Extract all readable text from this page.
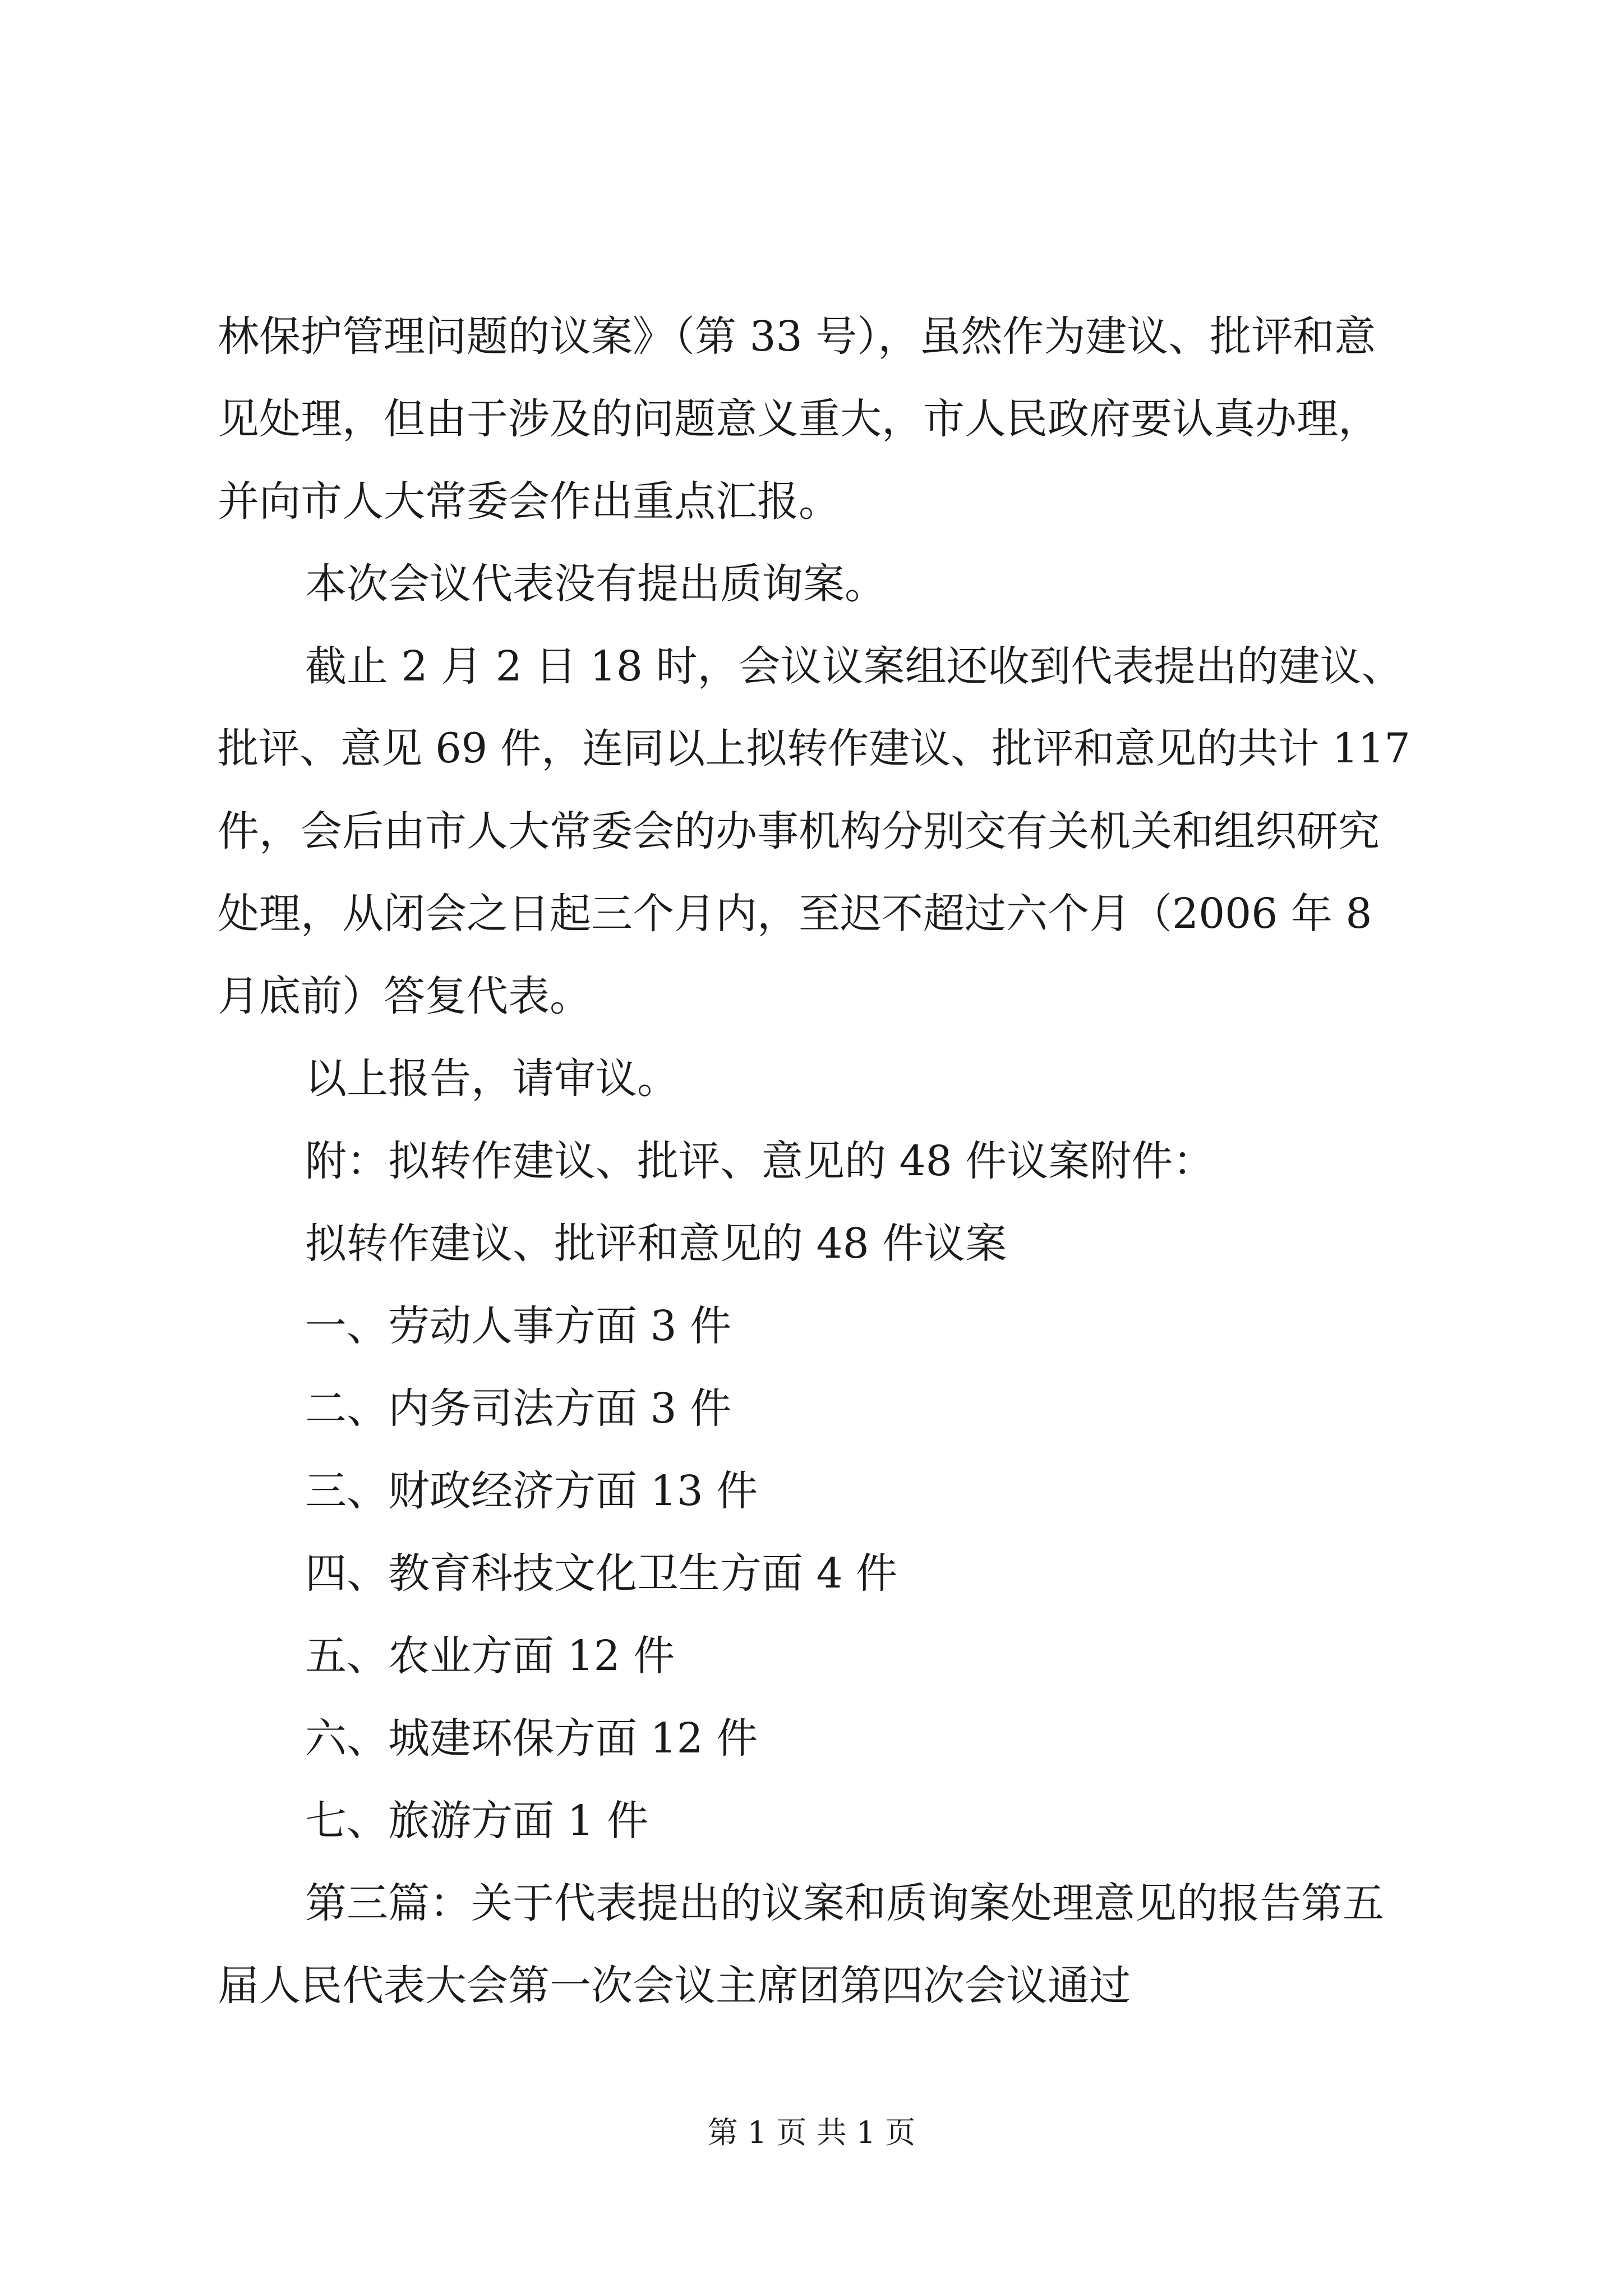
林保护管理问题的议案》（第 33 号），虽然作为建议、批评和意
见处理，但由于涉及的问题意义重大，市人民政府要认真办理，
并向市人大常委会作出重点汇报。
本次会议代表没有提出质询案。
截止 2 月 2 日 18 时，会议议案组还收到代表提出的建议、
批评、意见 69 件，连同以上拟转作建议、批评和意见的共计 117
件，会后由市人大常委会的办事机构分别交有关机关和组织研究
处理，从闭会之日起三个月内，至迟不超过六个月（2006 年 8
月底前）答复代表。
以上报告，请审议。
附：拟转作建议、批评、意见的 48 件议案附件：
拟转作建议、批评和意见的 48 件议案
一、劳动人事方面 3 件
二、内务司法方面 3 件
三、财政经济方面 13 件
四、教育科技文化卫生方面 4 件
五、农业方面 12 件
六、城建环保方面 12 件
七、旅游方面 1 件
第三篇：关于代表提出的议案和质询案处理意见的报告第五
届人民代表大会第一次会议主席团第四次会议通过
第 1 页 共 1 页
